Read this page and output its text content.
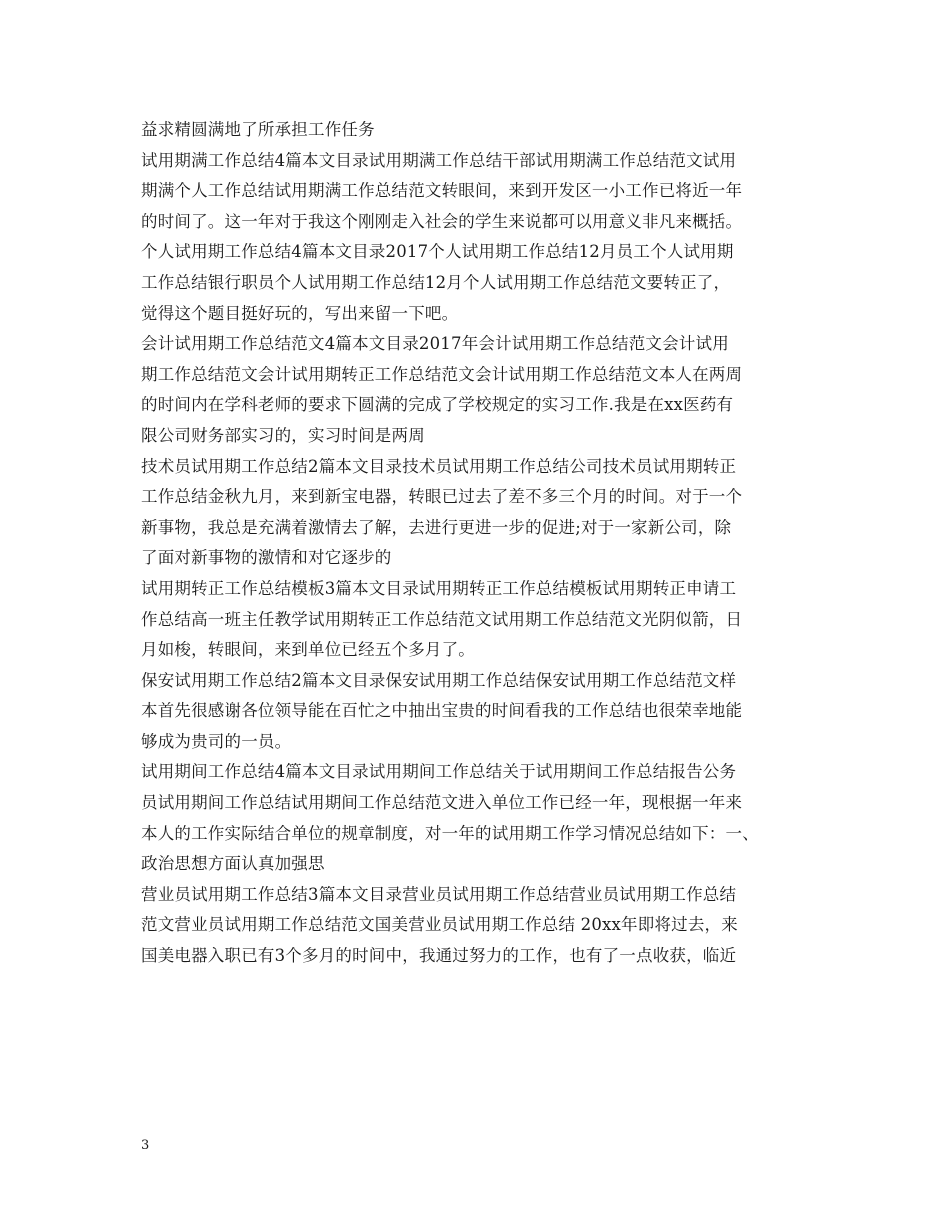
益求精圆满地了所承担工作任务
试用期满工作总结4篇本文目录试用期满工作总结干部试用期满工作总结范文试用
期满个人工作总结试用期满工作总结范文转眼间，来到开发区一小工作已将近一年
的时间了。这一年对于我这个刚刚走入社会的学生来说都可以用意义非凡来概括。
个人试用期工作总结4篇本文目录2017个人试用期工作总结12月员工个人试用期
工作总结银行职员个人试用期工作总结12月个人试用期工作总结范文要转正了，
觉得这个题目挺好玩的，写出来留一下吧。
会计试用期工作总结范文4篇本文目录2017年会计试用期工作总结范文会计试用
期工作总结范文会计试用期转正工作总结范文会计试用期工作总结范文本人在两周
的时间内在学科老师的要求下圆满的完成了学校规定的实习工作.我是在xx医药有
限公司财务部实习的，实习时间是两周
技术员试用期工作总结2篇本文目录技术员试用期工作总结公司技术员试用期转正
工作总结金秋九月，来到新宝电器，转眼已过去了差不多三个月的时间。对于一个
新事物，我总是充满着激情去了解，去进行更进一步的促进;对于一家新公司，除
了面对新事物的激情和对它逐步的
试用期转正工作总结模板3篇本文目录试用期转正工作总结模板试用期转正申请工
作总结高一班主任教学试用期转正工作总结范文试用期工作总结范文光阴似箭，日
月如梭，转眼间，来到单位已经五个多月了。
保安试用期工作总结2篇本文目录保安试用期工作总结保安试用期工作总结范文样
本首先很感谢各位领导能在百忙之中抽出宝贵的时间看我的工作总结也很荣幸地能
够成为贵司的一员。
试用期间工作总结4篇本文目录试用期间工作总结关于试用期间工作总结报告公务
员试用期间工作总结试用期间工作总结范文进入单位工作已经一年，现根据一年来
本人的工作实际结合单位的规章制度，对一年的试用期工作学习情况总结如下：一、
政治思想方面认真加强思
营业员试用期工作总结3篇本文目录营业员试用期工作总结营业员试用期工作总结
范文营业员试用期工作总结范文国美营业员试用期工作总结 20xx年即将过去，来
国美电器入职已有3个多月的时间中，我通过努力的工作，也有了一点收获，临近
3
